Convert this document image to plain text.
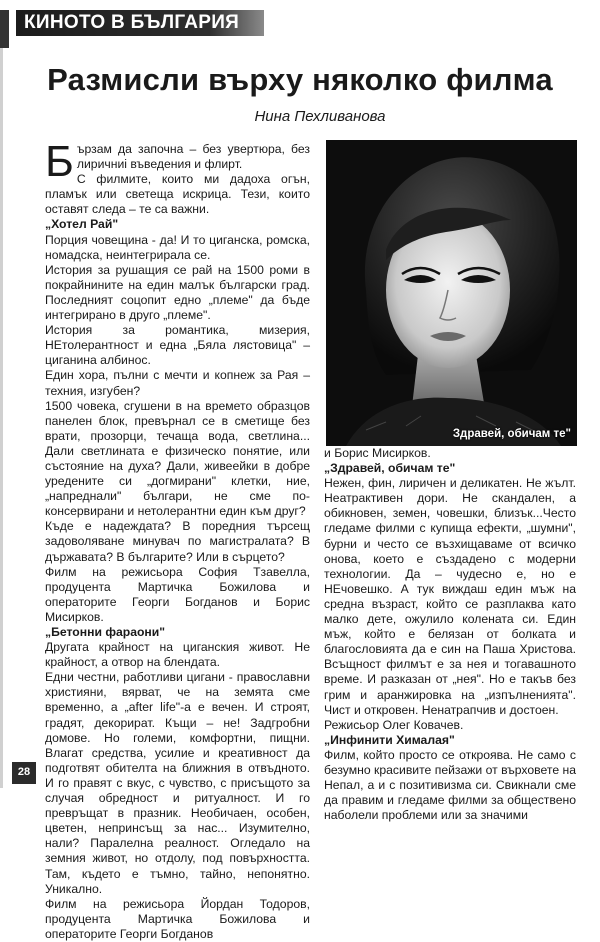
КИНОТО В БЪЛГАРИЯ
Размисли върху няколко филма
Нина Пехливанова

Бързам да започна – без увертюра, без лиричниi въведения и флирт.

С филмите, които ми дадоха огън, пламък или светеща искрица. Тези, които оставят следа – те са важни.

„Хотел Рай"

Порция човещина - да! И то циганска, ромска, номадска, неинтегрирала се.

История за рушащия се рай на 1500 роми в покрайнините на един малък български град. Последният соцопит едно „племе" да бъде интегрирано в друго „племе".

История за романтика, мизерия, НЕтолерантност и една „Бяла лястовица" – циганина албинос.

Един хора, пълни с мечти и копнеж за Рая – техния, изгубен?

1500 човека, сгушени в на времето образцов панелен блок, превърнал се в сметище без врати, прозорци, течаща вода, светлина... Дали светлината е физическо понятие, или състояние на духа? Дали, живеейки в добре уредените си „догмирани" клетки, ние, „напреднали" българи, не сме по-консервирани и нетолерантни един към друг?

Къде е надеждата? В поредния търсещ задоволяване минувач по магистралата? В държавата? В българите? Или в сърцето?

Филм на режисьора София Тзавелла, продуцента Мартичка Божилова и операторите Георги Богданов и Борис Мисирков.

„Бетонни фараони"

Другата крайност на циганския живот. Не крайност, а отвор на блендата.

Едни честни, работливи цигани - православни християни, вярват, че на земята сме временно, а „after life"-а е вечен. И строят, градят, декорират. Къщи – не! Задгробни домове. Но големи, комфортни, пищни. Влагат средства, усилие и креативност да подготвят обителта на ближния в отвъдното. И го правят с вкус, с чувство, с присъщото за случая обредност и ритуалност. И го превръщат в празник. Необичаен, особен, цветен, непринсъщ за нас... Изумително, нали? Паралелна реалност. Огледало на земния живот, но отдолу, под повърхността. Там, където е тъмно, тайно, непонятно. Уникално.

Филм на режисьора Йордан Тодоров, продуцента Мартичка Божилова и операторите Георги Богданов

Здравей, обичам те"

и Борис Мисирков.

„Здравей, обичам те"

Нежен, фин, лиричен и деликатен. Не жълт. Неатрактивен дори. Не скандален, а обикновен, земен, човешки, близък...Често гледаме филми с купища ефекти, „шумни", бурни и често се възхищаваме от всичко онова, което е създадено с модерни технологии. Да – чудесно е, но е НЕчовешко. А тук виждаш един мъж на средна възраст, който се разплаква като малко дете, ожулило колената си. Един мъж, който е белязан от болката и благословията да е син на Паша Христова. Всъщност филмът е за нея и тогавашното време. И разказан от „нея". Но е такъв без грим и аранжировка на „изпълненията". Чист и откровен. Ненатрапчив и достоен.

Режисьор Олег Ковачев.

„Инфинити Хималая"

Филм, който просто се откроява. Не само с безумно красивите пейзажи от върховете на Непал, а и с позитивизма си. Свикнали сме да правим и гледаме филми за обществено наболели проблеми или за значими

28
